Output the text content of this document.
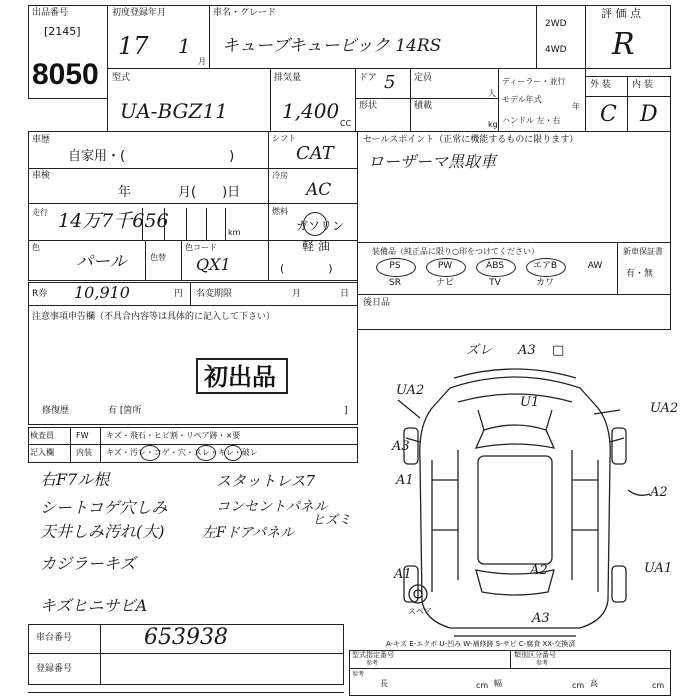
出品番号
[2145]
8050
初度登録年月
17 1
月
車名・グレード
キューブキュービック 14RS
2WD
4WD
評 価 点
R
外 装 内 装
C D
型式
UA-BGZ11
排気量
1,400
CC
ドア 5 定員
人
形状	積載
kg
ディーラー・並行
モデル年式
年
ハンドル 左・右
車歴
自家用・(　　　　　　　　)
シフト
CAT
車検
年	月(　　)日
冷房
AC
走行 14万7千656
km
燃料
ガソリン
軽 油
(　　　　)
色
パール	色替
色コード
QX1
セールスポイント（正常に機能するものに限ります）
ローザーマ黒取車
装備品（純正品に限り○印をつけてください）	新車保証書
有・無
PS	PW	ABS	エアB	AW
SR	ナビ	TV	カワ
後日品
R券 10,910	円 名変期限	月	日
注意事項申告欄（不具合内容等は具体的に記入して下さい）
初出品
修復歴	有 [箇所	]
検査員
記入欄
FW
内装
キズ・飛石・ヒビ割・リペア跡・×要
キズ・汚レ・コゲ・穴・スレ・キレ・破レ
右F7ル根	スタットレス7
シートコゲ穴しみ	コンセントパネル
天井しみ汚れ(大)	左Fドアパネル
ヒズミ
カジラーキズ
キズヒニサビA
ズレ A3 □
U1
UA2
UA2
A3
A1
A2
A2
A1	UA1
A3
スペア
A-キズ E-エクボ U-凹み W-補修跡 S-サビ C-腐食 XX-交換済
車台番号	653938
登録番号
型式指定番号
参考
類別区分番号
参考
参考
長	cm 幅	cm 高	cm
